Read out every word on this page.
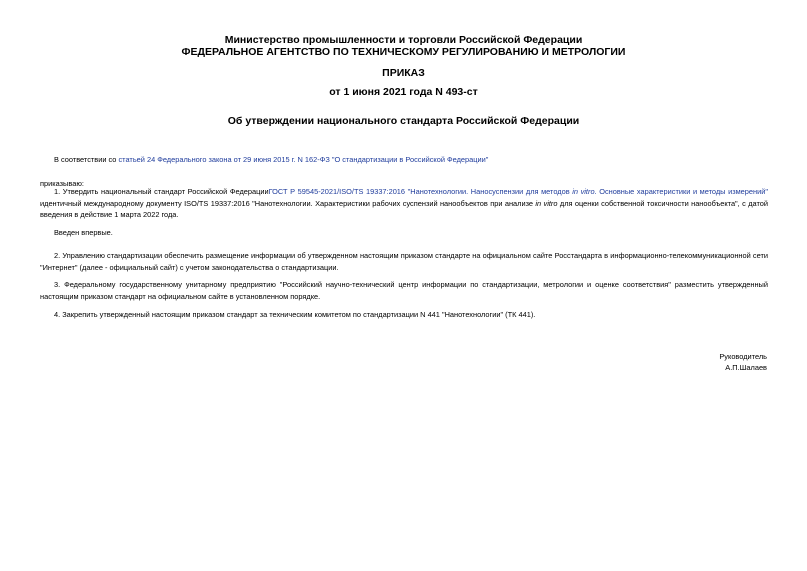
Министерство промышленности и торговли Российской Федерации
ФЕДЕРАЛЬНОЕ АГЕНТСТВО ПО ТЕХНИЧЕСКОМУ РЕГУЛИРОВАНИЮ И МЕТРОЛОГИИ
ПРИКАЗ
от 1 июня 2021 года N 493-ст
Об утверждении национального стандарта Российской Федерации
В соответствии со статьей 24 Федерального закона от 29 июня 2015 г. N 162-ФЗ "О стандартизации в Российской Федерации"
приказываю:
1. Утвердить национальный стандарт Российской ФедерацииГОСТ Р 59545-2021/ISO/TS 19337:2016 "Нанотехнологии. Наносуспензии для методов in vitro. Основные характеристики и методы измерений" идентичный международному документу ISO/TS 19337:2016 "Нанотехнологии. Характеристики рабочих суспензий нанообъектов при анализе in vitro для оценки собственной токсичности нанообъекта", с датой введения в действие 1 марта 2022 года.
Введен впервые.
2. Управлению стандартизации обеспечить размещение информации об утвержденном настоящим приказом стандарте на официальном сайте Росстандарта в информационно-телекоммуникационной сети "Интернет" (далее - официальный сайт) с учетом законодательства о стандартизации.
3. Федеральному государственному унитарному предприятию "Российский научно-технический центр информации по стандартизации, метрологии и оценке соответствия" разместить утвержденный настоящим приказом стандарт на официальном сайте в установленном порядке.
4. Закрепить утвержденный настоящим приказом стандарт за техническим комитетом по стандартизации N 441 "Нанотехнологии" (ТК 441).
Руководитель
А.П.Шалаев
